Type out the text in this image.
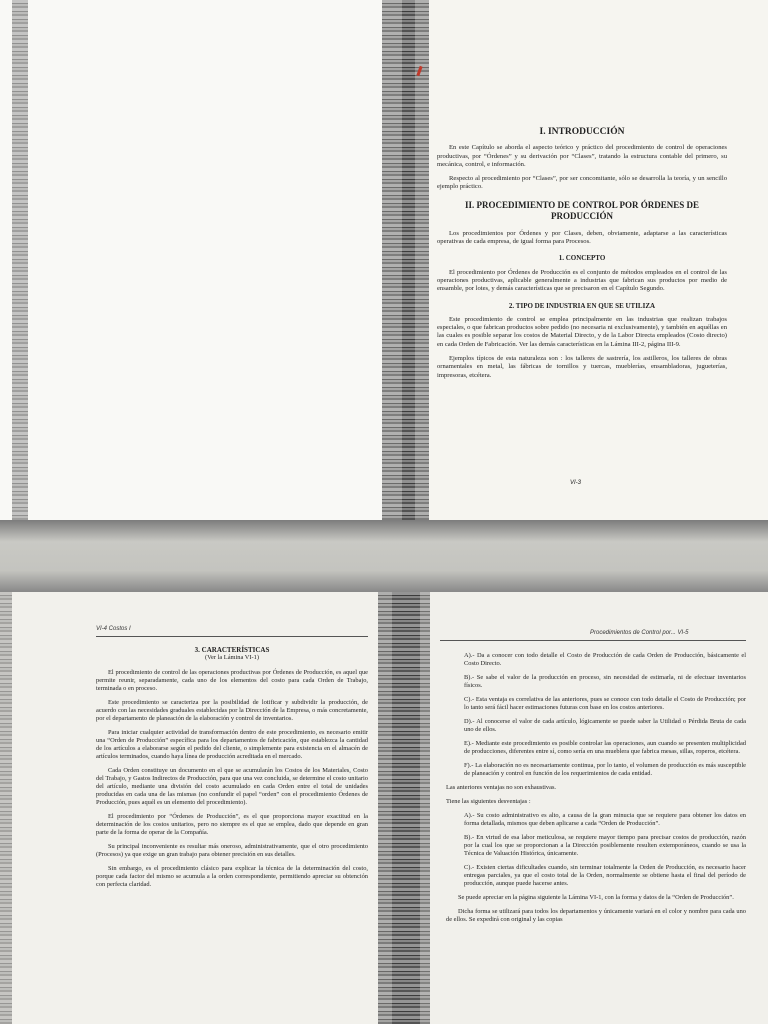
I. INTRODUCCIÓN

En este Capítulo se aborda el aspecto teórico y práctico del procedimiento de control de operaciones productivas, por “Órdenes” y su derivación por “Clases”, tratando la estructura contable del primero, su mecánica, control, e información.

Respecto al procedimiento por “Clases”, por ser concomitante, sólo se desarrolla la teoría, y un sencillo ejemplo práctico.

II. PROCEDIMIENTO DE CONTROL POR ÓRDENES DE PRODUCCIÓN

Los procedimientos por Órdenes y por Clases, deben, obviamente, adaptarse a las características operativas de cada empresa, de igual forma para Procesos.

1. CONCEPTO

El procedimiento por Órdenes de Producción es el conjunto de métodos empleados en el control de las operaciones productivas, aplicable generalmente a industrias que fabrican sus productos por medio de ensamble, por lotes, y demás características que se precisaron en el Capítulo Segundo.

2. TIPO DE INDUSTRIA EN QUE SE UTILIZA

Este procedimiento de control se emplea principalmente en las industrias que realizan trabajos especiales, o que fabrican productos sobre pedido (no necesaria ni exclusivamente), y también en aquéllas en las cuales es posible separar los costos de Material Directo, y de la Labor Directa empleados (Costo directo) en cada Orden de Fabricación. Ver las demás características en la Lámina III-2, página III-9.

Ejemplos típicos de esta naturaleza son : los talleres de sastrería, los astilleros, los talleres de obras ornamentales en metal, las fábricas de tornillos y tuercas, mueblerías, ensambladoras, jugueterías, impresoras, etcétera.

VI-3
VI-4 Costos I
3. CARACTERÍSTICAS
(Ver la Lámina VI-1)

El procedimiento de control de las operaciones productivas por Órdenes de Producción, es aquel que permite reunir, separadamente, cada uno de los elementos del costo para cada Orden de Trabajo, terminada o en proceso.

Este procedimiento se caracteriza por la posibilidad de lotificar y subdividir la producción, de acuerdo con las necesidades graduales establecidas por la Dirección de la Empresa, o más concretamente, por el departamento de planeación de la elaboración y control de inventarios.

Para iniciar cualquier actividad de transformación dentro de este procedimiento, es necesario emitir una “Orden de Producción” específica para los departamentos de fabricación, que establezca la cantidad de los artículos a elaborarse según el pedido del cliente, o simplemente para existencia en el almacén de artículos terminados, cuando haya línea de producción acreditada en el mercado.

Cada Orden constituye un documento en el que se acumularán los Costos de los Materiales, Costo del Trabajo, y Gastos Indirectos de Producción, para que una vez concluida, se determine el costo unitario del artículo, mediante una división del costo acumulado en cada Orden entre el total de unidades producidas en cada una de las mismas (no confundir el papel “orden” con el procedimiento Órdenes de Producción, pues aquél es un elemento del procedimiento).

El procedimiento por “Órdenes de Producción”, es el que proporciona mayor exactitud en la determinación de los costos unitarios, pero no siempre es el que se emplea, dado que depende en gran parte de la forma de operar de la Compañía.

Su principal inconveniente es resultar más oneroso, administrativamente, que el otro procedimiento (Procesos) ya que exige un gran trabajo para obtener precisión en sus detalles.

Sin embargo, es el procedimiento clásico para explicar la técnica de la determinación del costo, porque cada factor del mismo se acumula a la orden correspondiente, permitiendo apreciar su obtención con perfecta claridad.

Procedimientos de Control por... VI-5

A).- Da a conocer con todo detalle el Costo de Producción de cada Orden de Producción, básicamente el Costo Directo.

B).- Se sabe el valor de la producción en proceso, sin necesidad de estimarla, ni de efectuar inventarios físicos.

C).- Esta ventaja es correlativa de las anteriores, pues se conoce con todo detalle el Costo de Producción; por lo tanto será fácil hacer estimaciones futuras con base en los costos anteriores.

D).- Al conocerse el valor de cada artículo, lógicamente se puede saber la Utilidad o Pérdida Bruta de cada uno de ellos.

E).- Mediante este procedimiento es posible controlar las operaciones, aun cuando se presenten multiplicidad de producciones, diferentes entre sí, como sería en una mueblera que fabrica mesas, sillas, roperos, etcétera.

F).- La elaboración no es necesariamente continua, por lo tanto, el volumen de producción es más susceptible de planeación y control en función de los requerimientos de cada entidad.

Las anteriores ventajas no son exhaustivas.

Tiene las siguientes desventajas :

A).- Su costo administrativo es alto, a causa de la gran minucia que se requiere para obtener los datos en forma detallada, mismos que deben aplicarse a cada “Orden de Producción”.

B).- En virtud de esa labor meticulosa, se requiere mayor tiempo para precisar costos de producción, razón por la cual los que se proporcionan a la Dirección posiblemente resulten extemporáneos, cuando se usa la Técnica de Valuación Histórica, únicamente.

C).- Existen ciertas dificultades cuando, sin terminar totalmente la Orden de Producción, es necesario hacer entregas parciales, ya que el costo total de la Orden, normalmente se obtiene hasta el final del período de producción, aunque puede hacerse antes.

Se puede apreciar en la página siguiente la Lámina VI-1, con la forma y datos de la “Orden de Producción”.

Dicha forma se utilizará para todos los departamentos y únicamente variará en el color y nombre para cada uno de ellos. Se expedirá con original y las copias
